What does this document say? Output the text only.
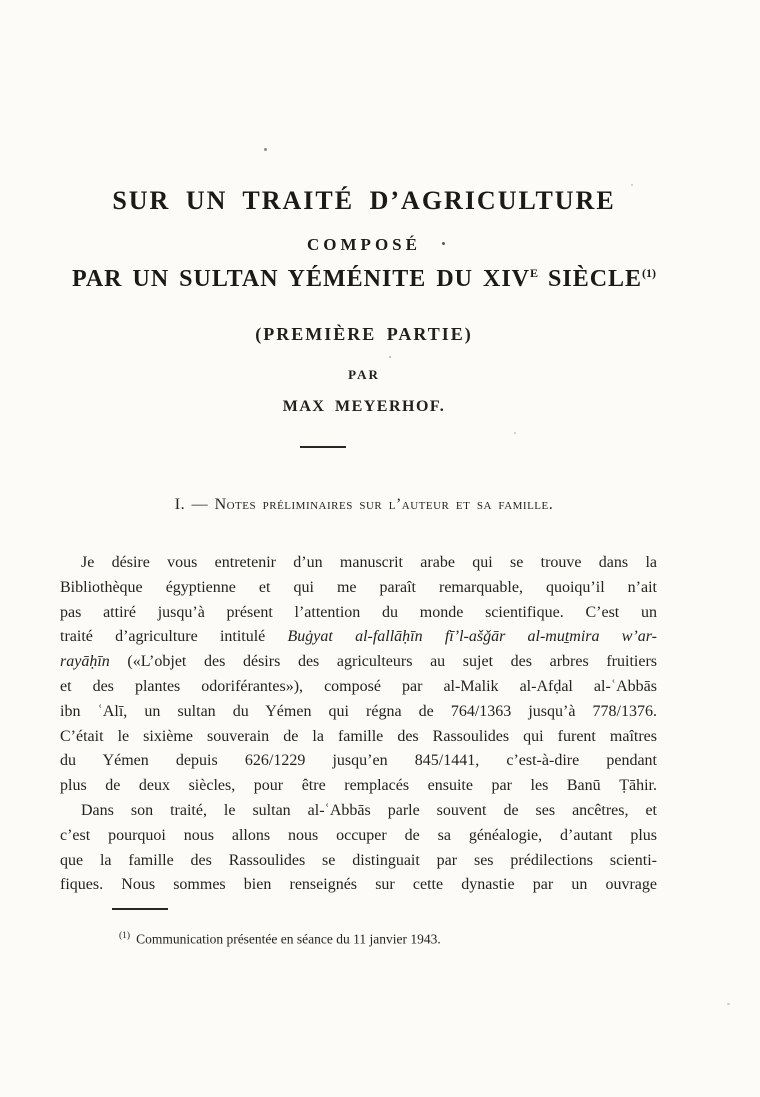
SUR UN TRAITÉ D’AGRICULTURE
COMPOSÉ
PAR UN SULTAN YÉMÉNITE DU $XIV^E$ SIÈCLE$^{(1)}$
(PREMIÈRE PARTIE)
PAR
MAX MEYERHOF.
I. — Notes préliminaires sur l’auteur et sa famille.
Je désire vous entretenir d’un manuscrit arabe qui se trouve dans la
Bibliothèque égyptienne et qui me paraît remarquable, quoiqu’il n’ait
pas attiré jusqu’à présent l’attention du monde scientifique. C’est un
traité d’agriculture intitulé Buġyat al-fallāḥīn fī’l-ašǧār al-muṯmira w’ar-
rayāḥīn («L’objet des désirs des agriculteurs au sujet des arbres fruitiers
et des plantes odoriférantes»), composé par al-Malik al-Afḍal al-ʿAbbās
ibn ʿAlī, un sultan du Yémen qui régna de 764/1363 jusqu’à 778/1376.
C’était le sixième souverain de la famille des Rassoulides qui furent maîtres
du Yémen depuis 626/1229 jusqu’en 845/1441, c’est-à-dire pendant
plus de deux siècles, pour être remplacés ensuite par les Banū Ṭāhir.
Dans son traité, le sultan al-ʿAbbās parle souvent de ses ancêtres, et
c’est pourquoi nous allons nous occuper de sa généalogie, d’autant plus
que la famille des Rassoulides se distinguait par ses prédilections scienti-
fiques. Nous sommes bien renseignés sur cette dynastie par un ouvrage
$^{(1)}$ Communication présentée en séance du 11 janvier 1943.
